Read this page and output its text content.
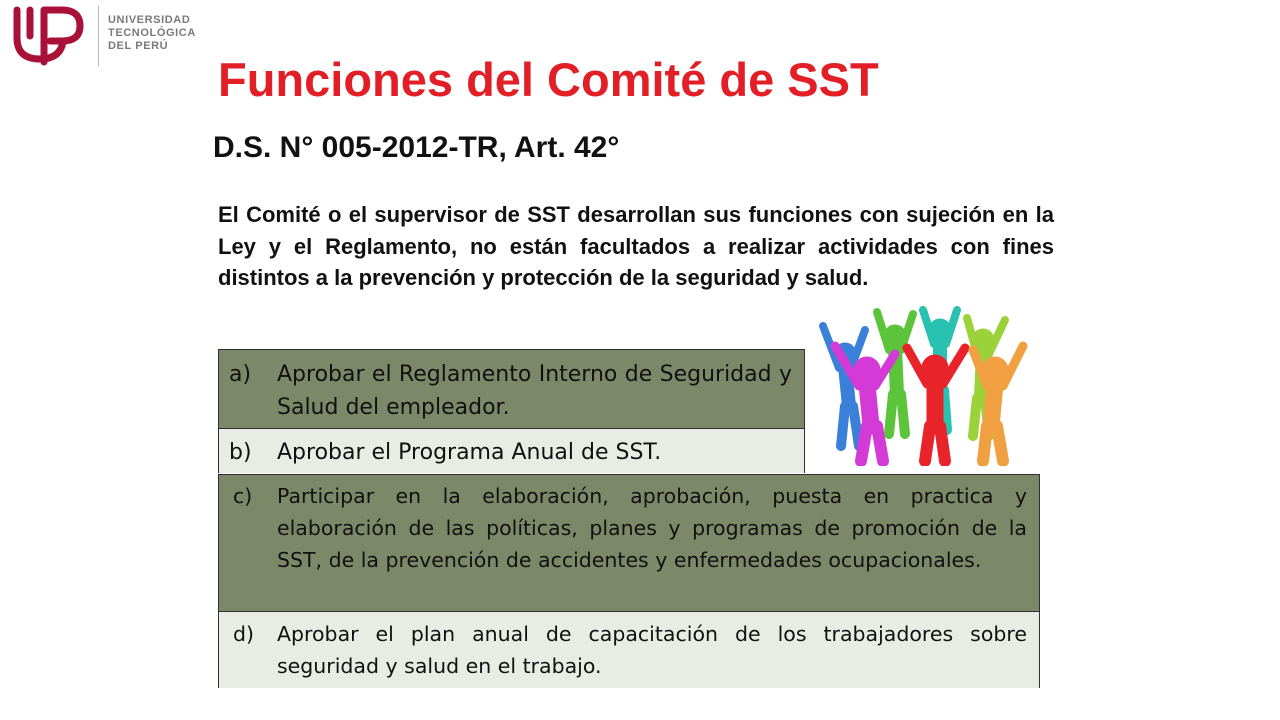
UNIVERSIDAD
TECNOLÓGICA
DEL PERÚ
Funciones del Comité de SST
D.S. N° 005-2012-TR, Art. 42°
El Comité o el supervisor de SST desarrollan sus funciones con sujeción en la Ley y el Reglamento, no están facultados a realizar actividades con fines distintos a la prevención y protección de la seguridad y salud.
a)	Aprobar el Reglamento Interno de Seguridad y Salud del empleador.
b)	Aprobar el Programa Anual de SST.
c)	Participar en la elaboración, aprobación, puesta en practica y elaboración de las políticas, planes y programas de promoción de la SST, de la prevención de accidentes y enfermedades ocupacionales.
d)	Aprobar el plan anual de capacitación de los trabajadores sobre seguridad y salud en el trabajo.
